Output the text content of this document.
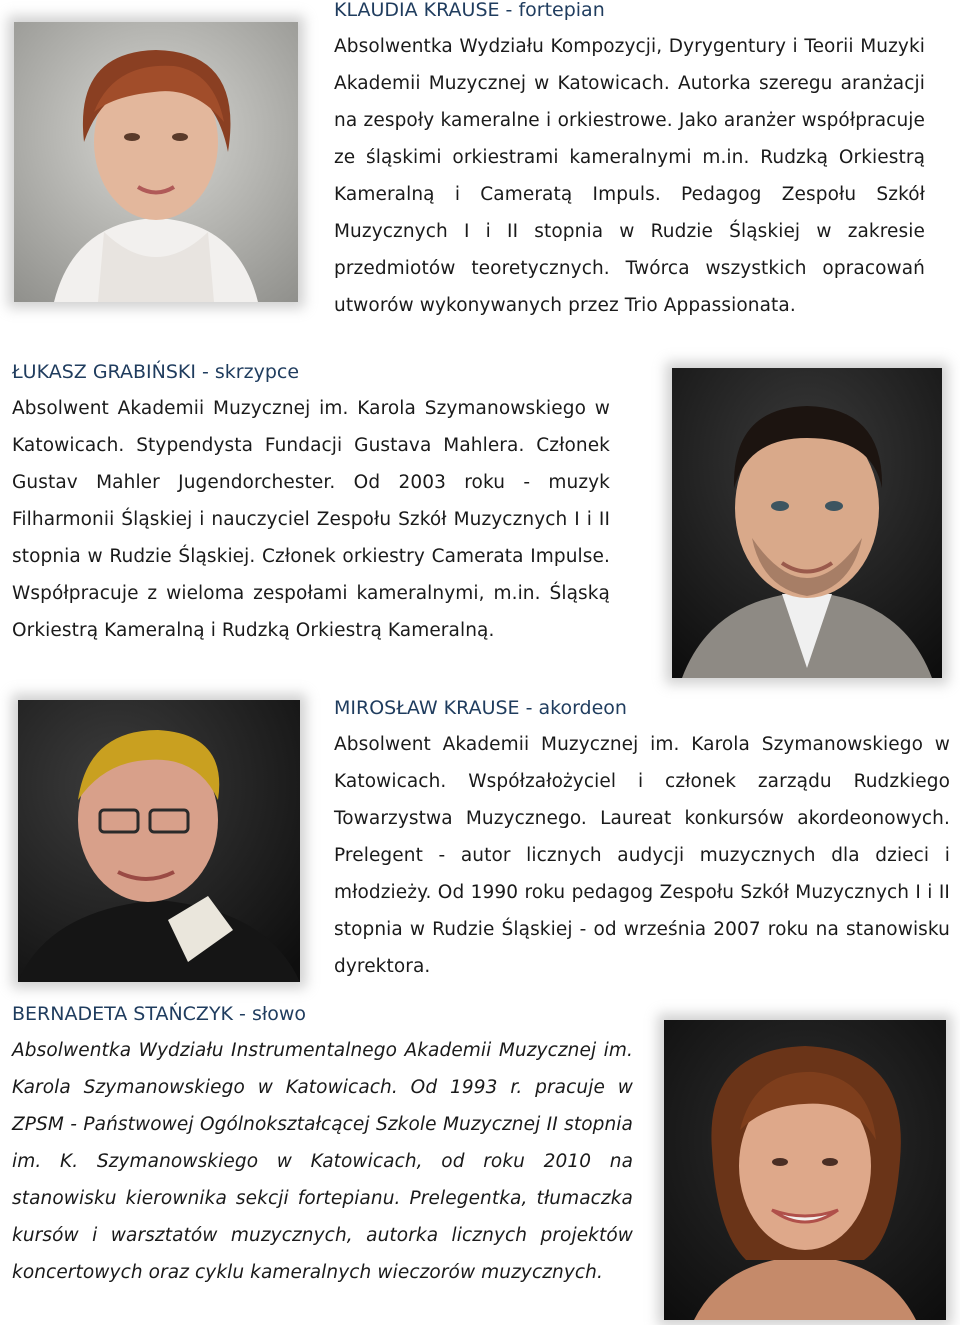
KLAUDIA KRAUSE - fortepian

Absolwentka Wydziału Kompozycji, Dyrygentury i Teorii Muzyki Akademii Muzycznej w Katowicach. Autorka szeregu aranżacji na zespoły kameralne i orkiestrowe. Jako aranżer współpracuje ze śląskimi orkiestrami kameralnymi m.in. Rudzką Orkiestrą Kameralną i Cameratą Impuls. Pedagog Zespołu Szkół Muzycznych I i II stopnia w Rudzie Śląskiej w zakresie przedmiotów teoretycznych. Twórca wszystkich opracowań utworów wykonywanych przez Trio Appassionata.

ŁUKASZ GRABIŃSKI - skrzypce

Absolwent Akademii Muzycznej im. Karola Szymanowskiego w Katowicach. Stypendysta Fundacji Gustava Mahlera. Członek Gustav Mahler Jugendorchester. Od 2003 roku - muzyk Filharmonii Śląskiej i nauczyciel Zespołu Szkół Muzycznych I i II stopnia w Rudzie Śląskiej. Członek orkiestry Camerata Impulse. Współpracuje z wieloma zespołami kameralnymi, m.in. Śląską Orkiestrą Kameralną i Rudzką Orkiestrą Kameralną.

MIROSŁAW KRAUSE - akordeon

Absolwent Akademii Muzycznej im. Karola Szymanowskiego w Katowicach. Współzałożyciel i członek zarządu Rudzkiego Towarzystwa Muzycznego. Laureat konkursów akordeonowych. Prelegent - autor licznych audycji muzycznych dla dzieci i młodzieży. Od 1990 roku pedagog Zespołu Szkół Muzycznych I i II stopnia w Rudzie Śląskiej - od września 2007 roku na stanowisku dyrektora.

BERNADETA STAŃCZYK - słowo

Absolwentka Wydziału Instrumentalnego Akademii Muzycznej im. Karola Szymanowskiego w Katowicach. Od 1993 r. pracuje w ZPSM - Państwowej Ogólnokształcącej Szkole Muzycznej II stopnia im. K. Szymanowskiego w Katowicach, od roku 2010 na stanowisku kierownika sekcji fortepianu. Prelegentka, tłumaczka kursów i warsztatów muzycznych, autorka licznych projektów koncertowych oraz cyklu kameralnych wieczorów muzycznych.
